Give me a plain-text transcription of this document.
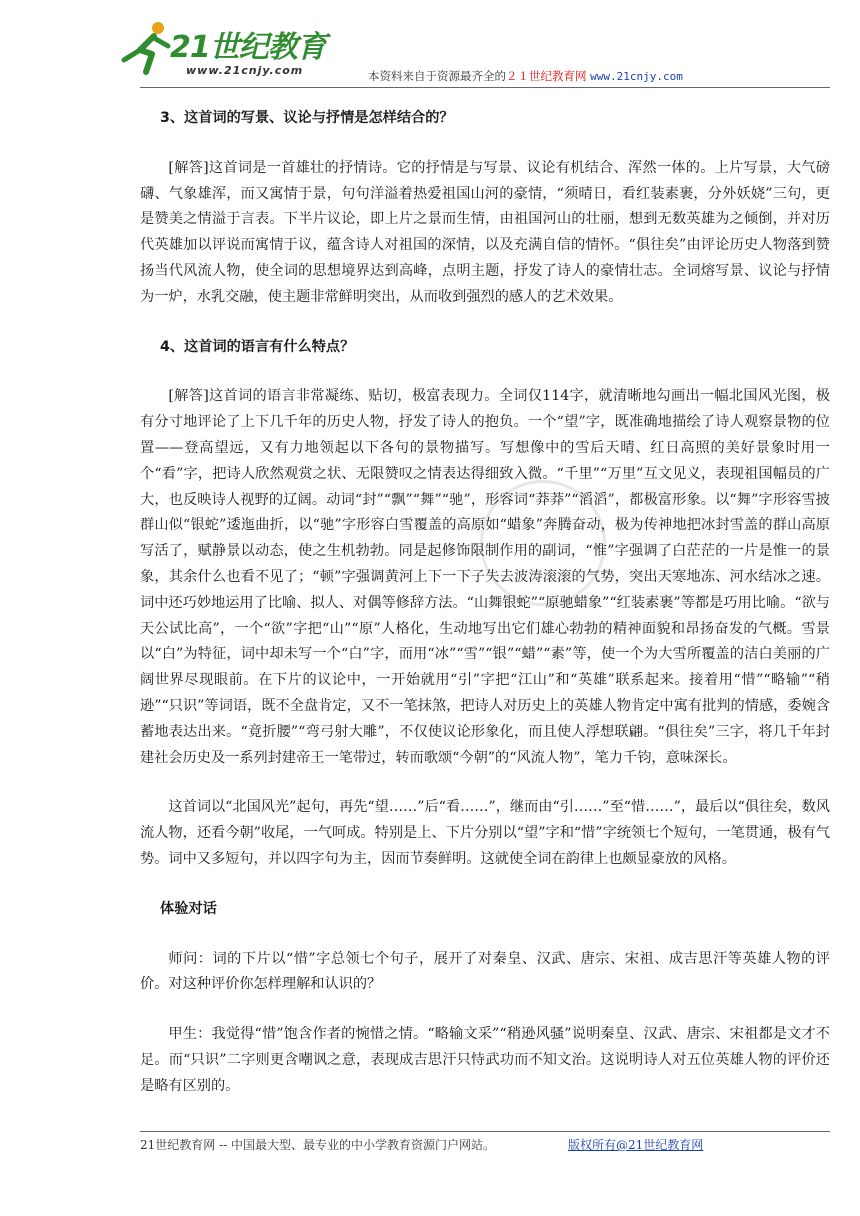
21世纪教育
www.21cnjy.com	本资料来自于资源最齐全的２１世纪教育网 www.21cnjy.com
3、这首词的写景、议论与抒情是怎样结合的？

[解答]这首词是一首雄壮的抒情诗。它的抒情是与写景、议论有机结合、浑然一体的。上片写景，大气磅礴、气象雄浑，而又寓情于景，句句洋溢着热爱祖国山河的豪情，“须晴日，看红装素裹，分外妖娆”三句，更是赞美之情溢于言表。下半片议论，即上片之景而生情，由祖国河山的壮丽，想到无数英雄为之倾倒，并对历代英雄加以评说而寓情于议，蕴含诗人对祖国的深情，以及充满自信的情怀。“俱往矣”由评论历史人物落到赞扬当代风流人物，使全词的思想境界达到高峰，点明主题，抒发了诗人的豪情壮志。全词熔写景、议论与抒情为一炉，水乳交融，使主题非常鲜明突出，从而收到强烈的感人的艺术效果。

4、这首词的语言有什么特点？

[解答]这首词的语言非常凝练、贴切，极富表现力。全词仅114字，就清晰地勾画出一幅北国风光图，极有分寸地评论了上下几千年的历史人物，抒发了诗人的抱负。一个“望”字，既准确地描绘了诗人观察景物的位置——登高望远，又有力地领起以下各句的景物描写。写想像中的雪后天晴、红日高照的美好景象时用一个“看”字，把诗人欣然观赏之状、无限赞叹之情表达得细致入微。“千里”“万里”互文见义，表现祖国幅员的广大，也反映诗人视野的辽阔。动词“封”“飘”“舞”“驰”，形容词“莽莽”“滔滔”，都极富形象。以“舞”字形容雪披群山似“银蛇”逶迤曲折，以“驰”字形容白雪覆盖的高原如“蜡象”奔腾奋动，极为传神地把冰封雪盖的群山高原写活了，赋静景以动态，使之生机勃勃。同是起修饰限制作用的副词，“惟”字强调了白茫茫的一片是惟一的景象，其余什么也看不见了；“顿”字强调黄河上下一下子失去波涛滚滚的气势，突出天寒地冻、河水结冰之速。词中还巧妙地运用了比喻、拟人、对偶等修辞方法。“山舞银蛇”“原驰蜡象”“红装素裹”等都是巧用比喻。“欲与天公试比高”，一个“欲”字把“山”“原”人格化，生动地写出它们雄心勃勃的精神面貌和昂扬奋发的气概。雪景以“白”为特征，词中却未写一个“白”字，而用“冰”“雪”“银”“蜡”“素”等，使一个为大雪所覆盖的洁白美丽的广阔世界尽现眼前。在下片的议论中，一开始就用“引”字把“江山”和“英雄”联系起来。接着用“惜”“略输”“稍逊”“只识”等词语，既不全盘肯定，又不一笔抹煞，把诗人对历史上的英雄人物肯定中寓有批判的情感，委婉含蓄地表达出来。“竟折腰”“弯弓射大雕”，不仅使议论形象化，而且使人浮想联翩。“俱往矣”三字，将几千年封建社会历史及一系列封建帝王一笔带过，转而歌颂“今朝”的“风流人物”，笔力千钧，意味深长。

这首词以“北国风光”起句，再先“望……”后“看……”，继而由“引……”至“惜……”，最后以“俱往矣，数风流人物，还看今朝”收尾，一气呵成。特别是上、下片分别以“望”字和“惜”字统领七个短句，一笔贯通，极有气势。词中又多短句，并以四字句为主，因而节奏鲜明。这就使全词在韵律上也颇显豪放的风格。

体验对话

师问：词的下片以“惜”字总领七个句子，展开了对秦皇、汉武、唐宗、宋祖、成吉思汗等英雄人物的评价。对这种评价你怎样理解和认识的？

甲生：我觉得“惜”饱含作者的惋惜之情。“略输文采”“稍逊风骚”说明秦皇、汉武、唐宗、宋祖都是文才不足。而“只识”二字则更含嘲讽之意，表现成吉思汗只恃武功而不知文治。这说明诗人对五位英雄人物的评价还是略有区别的。

21世纪教育网 -- 中国最大型、最专业的中小学教育资源门户网站。	版权所有@21世纪教育网
